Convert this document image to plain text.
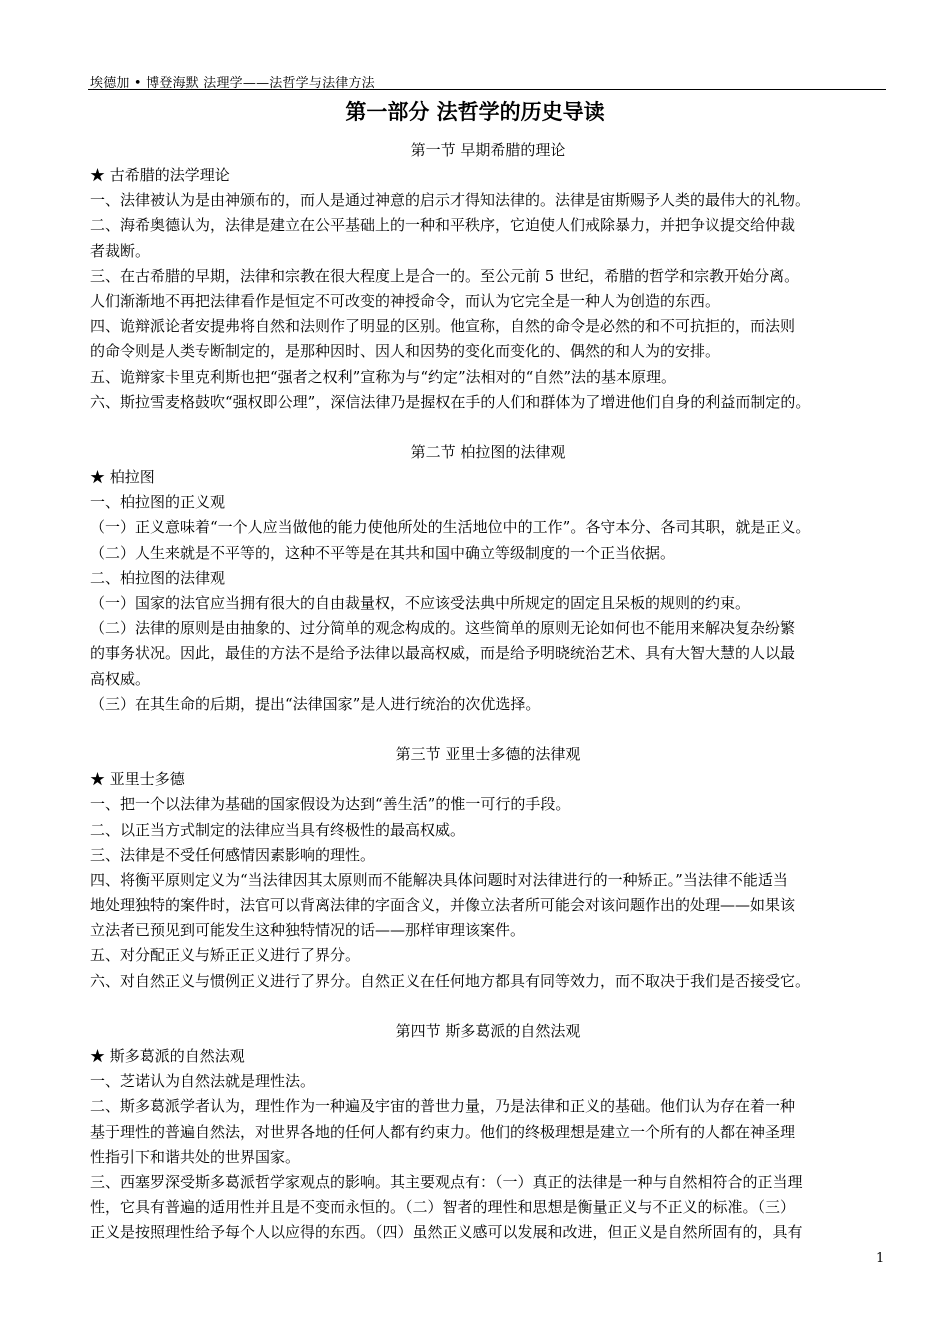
埃德加 • 博登海默 法理学——法哲学与法律方法
第一部分 法哲学的历史导读
第一节 早期希腊的理论
★ 古希腊的法学理论
一、法律被认为是由神颁布的，而人是通过神意的启示才得知法律的。法律是宙斯赐予人类的最伟大的礼物。
二、海希奥德认为，法律是建立在公平基础上的一种和平秩序，它迫使人们戒除暴力，并把争议提交给仲裁
者裁断。
三、在古希腊的早期，法律和宗教在很大程度上是合一的。至公元前 5 世纪，希腊的哲学和宗教开始分离。
人们渐渐地不再把法律看作是恒定不可改变的神授命令，而认为它完全是一种人为创造的东西。
四、诡辩派论者安提弗将自然和法则作了明显的区别。他宣称，自然的命令是必然的和不可抗拒的，而法则
的命令则是人类专断制定的，是那种因时、因人和因势的变化而变化的、偶然的和人为的安排。
五、诡辩家卡里克利斯也把“强者之权利”宣称为与“约定”法相对的“自然”法的基本原理。
六、斯拉雪麦格鼓吹“强权即公理”，深信法律乃是握权在手的人们和群体为了增进他们自身的利益而制定的。
第二节 柏拉图的法律观
★ 柏拉图
一、柏拉图的正义观
（一）正义意味着“一个人应当做他的能力使他所处的生活地位中的工作”。各守本分、各司其职，就是正义。
（二）人生来就是不平等的，这种不平等是在其共和国中确立等级制度的一个正当依据。
二、柏拉图的法律观
（一）国家的法官应当拥有很大的自由裁量权，不应该受法典中所规定的固定且呆板的规则的约束。
（二）法律的原则是由抽象的、过分简单的观念构成的。这些简单的原则无论如何也不能用来解决复杂纷繁
的事务状况。因此，最佳的方法不是给予法律以最高权威，而是给予明晓统治艺术、具有大智大慧的人以最
高权威。
（三）在其生命的后期，提出“法律国家”是人进行统治的次优选择。
第三节 亚里士多德的法律观
★ 亚里士多德
一、把一个以法律为基础的国家假设为达到“善生活”的惟一可行的手段。
二、以正当方式制定的法律应当具有终极性的最高权威。
三、法律是不受任何感情因素影响的理性。
四、将衡平原则定义为“当法律因其太原则而不能解决具体问题时对法律进行的一种矫正。”当法律不能适当
地处理独特的案件时，法官可以背离法律的字面含义，并像立法者所可能会对该问题作出的处理——如果该
立法者已预见到可能发生这种独特情况的话——那样审理该案件。
五、对分配正义与矫正正义进行了界分。
六、对自然正义与惯例正义进行了界分。自然正义在任何地方都具有同等效力，而不取决于我们是否接受它。
第四节 斯多葛派的自然法观
★ 斯多葛派的自然法观
一、芝诺认为自然法就是理性法。
二、斯多葛派学者认为，理性作为一种遍及宇宙的普世力量，乃是法律和正义的基础。他们认为存在着一种
基于理性的普遍自然法，对世界各地的任何人都有约束力。他们的终极理想是建立一个所有的人都在神圣理
性指引下和谐共处的世界国家。
三、西塞罗深受斯多葛派哲学家观点的影响。其主要观点有：（一）真正的法律是一种与自然相符合的正当理
性，它具有普遍的适用性并且是不变而永恒的。（二）智者的理性和思想是衡量正义与不正义的标准。（三）
正义是按照理性给予每个人以应得的东西。（四）虽然正义感可以发展和改进，但正义是自然所固有的，具有
1
